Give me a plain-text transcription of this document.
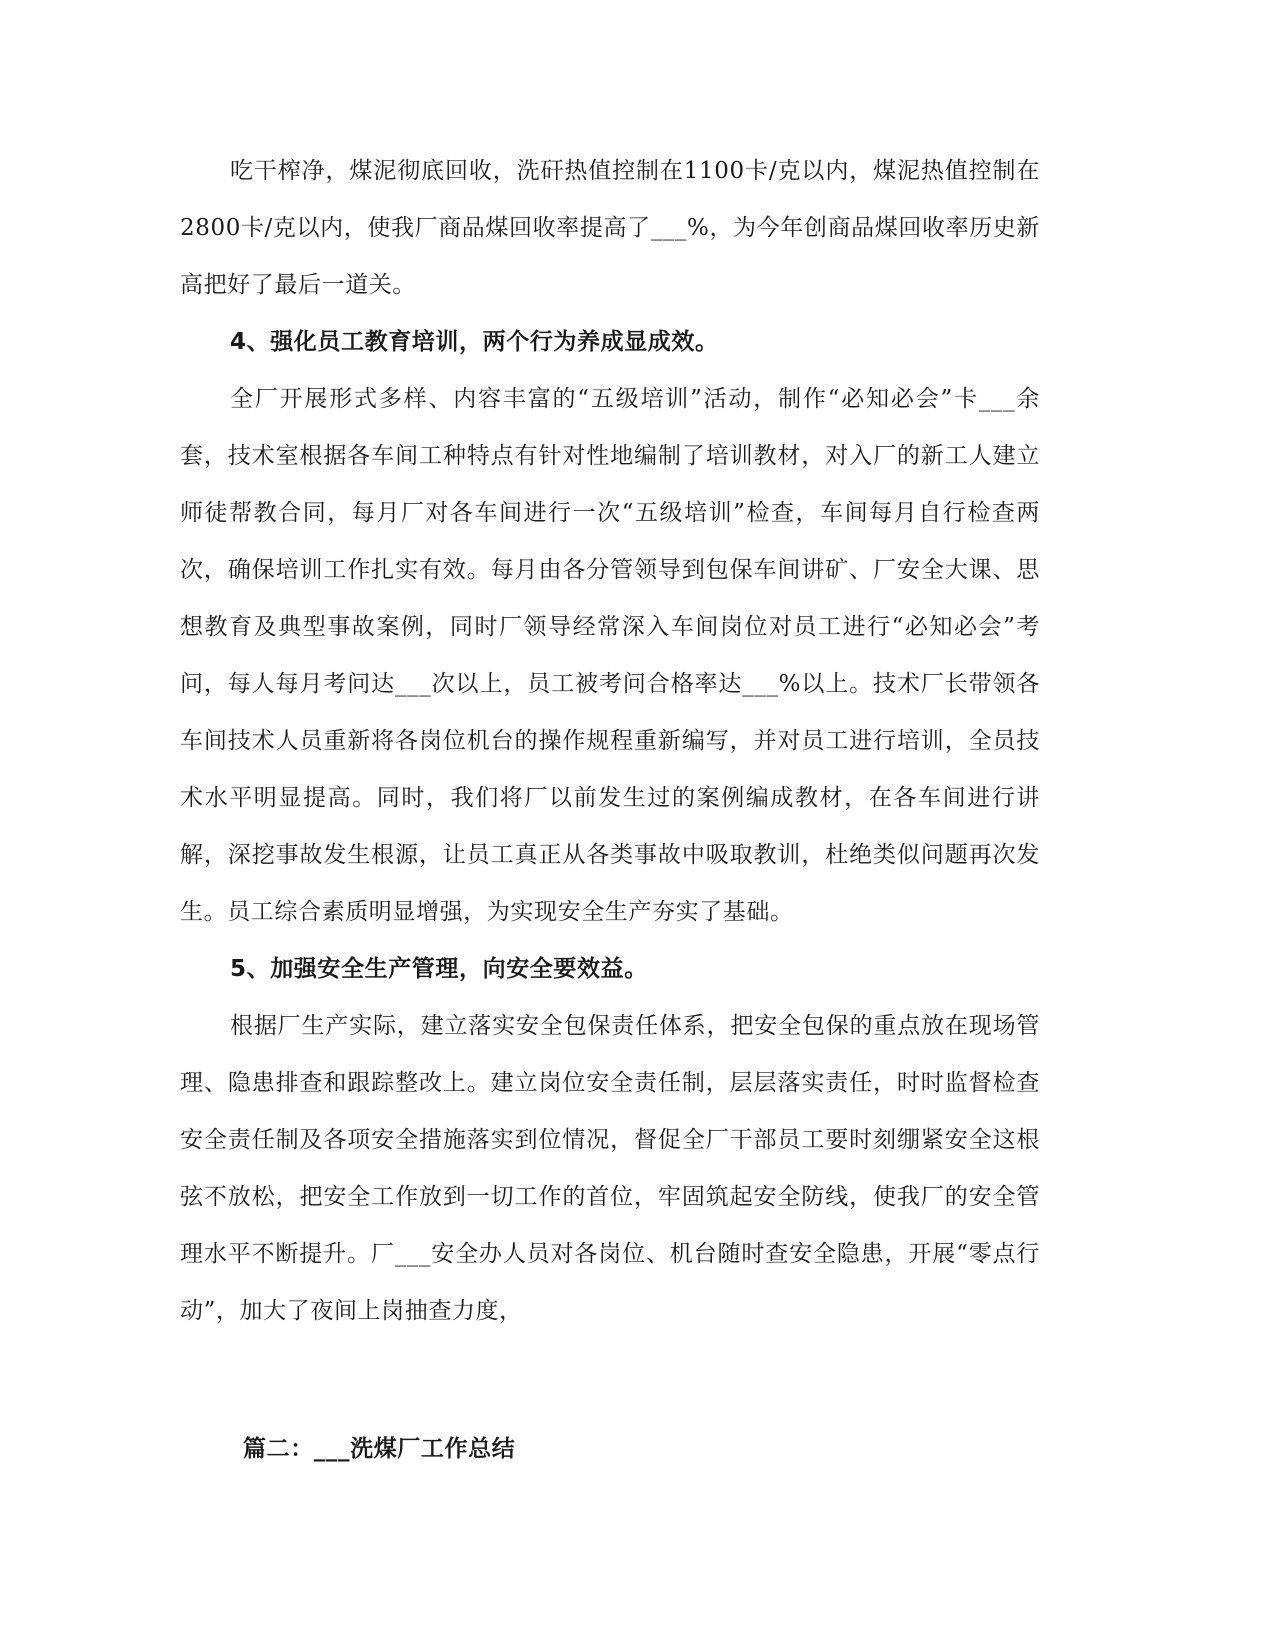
吃干榨净，煤泥彻底回收，洗矸热值控制在1100卡/克以内，煤泥热值控制在2800卡/克以内，使我厂商品煤回收率提高了___%，为今年创商品煤回收率历史新高把好了最后一道关。

4、强化员工教育培训，两个行为养成显成效。

全厂开展形式多样、内容丰富的“五级培训”活动，制作“必知必会”卡___余套，技术室根据各车间工种特点有针对性地编制了培训教材，对入厂的新工人建立师徒帮教合同，每月厂对各车间进行一次“五级培训”检查，车间每月自行检查两次，确保培训工作扎实有效。每月由各分管领导到包保车间讲矿、厂安全大课、思想教育及典型事故案例，同时厂领导经常深入车间岗位对员工进行“必知必会”考问，每人每月考问达___次以上，员工被考问合格率达___%以上。技术厂长带领各车间技术人员重新将各岗位机台的操作规程重新编写，并对员工进行培训，全员技术水平明显提高。同时，我们将厂以前发生过的案例编成教材，在各车间进行讲解，深挖事故发生根源，让员工真正从各类事故中吸取教训，杜绝类似问题再次发生。员工综合素质明显增强，为实现安全生产夯实了基础。

5、加强安全生产管理，向安全要效益。

根据厂生产实际，建立落实安全包保责任体系，把安全包保的重点放在现场管理、隐患排查和跟踪整改上。建立岗位安全责任制，层层落实责任，时时监督检查安全责任制及各项安全措施落实到位情况，督促全厂干部员工要时刻绷紧安全这根弦不放松，把安全工作放到一切工作的首位，牢固筑起安全防线，使我厂的安全管理水平不断提升。厂___安全办人员对各岗位、机台随时查安全隐患，开展“零点行动”，加大了夜间上岗抽查力度，

篇二：___洗煤厂工作总结
